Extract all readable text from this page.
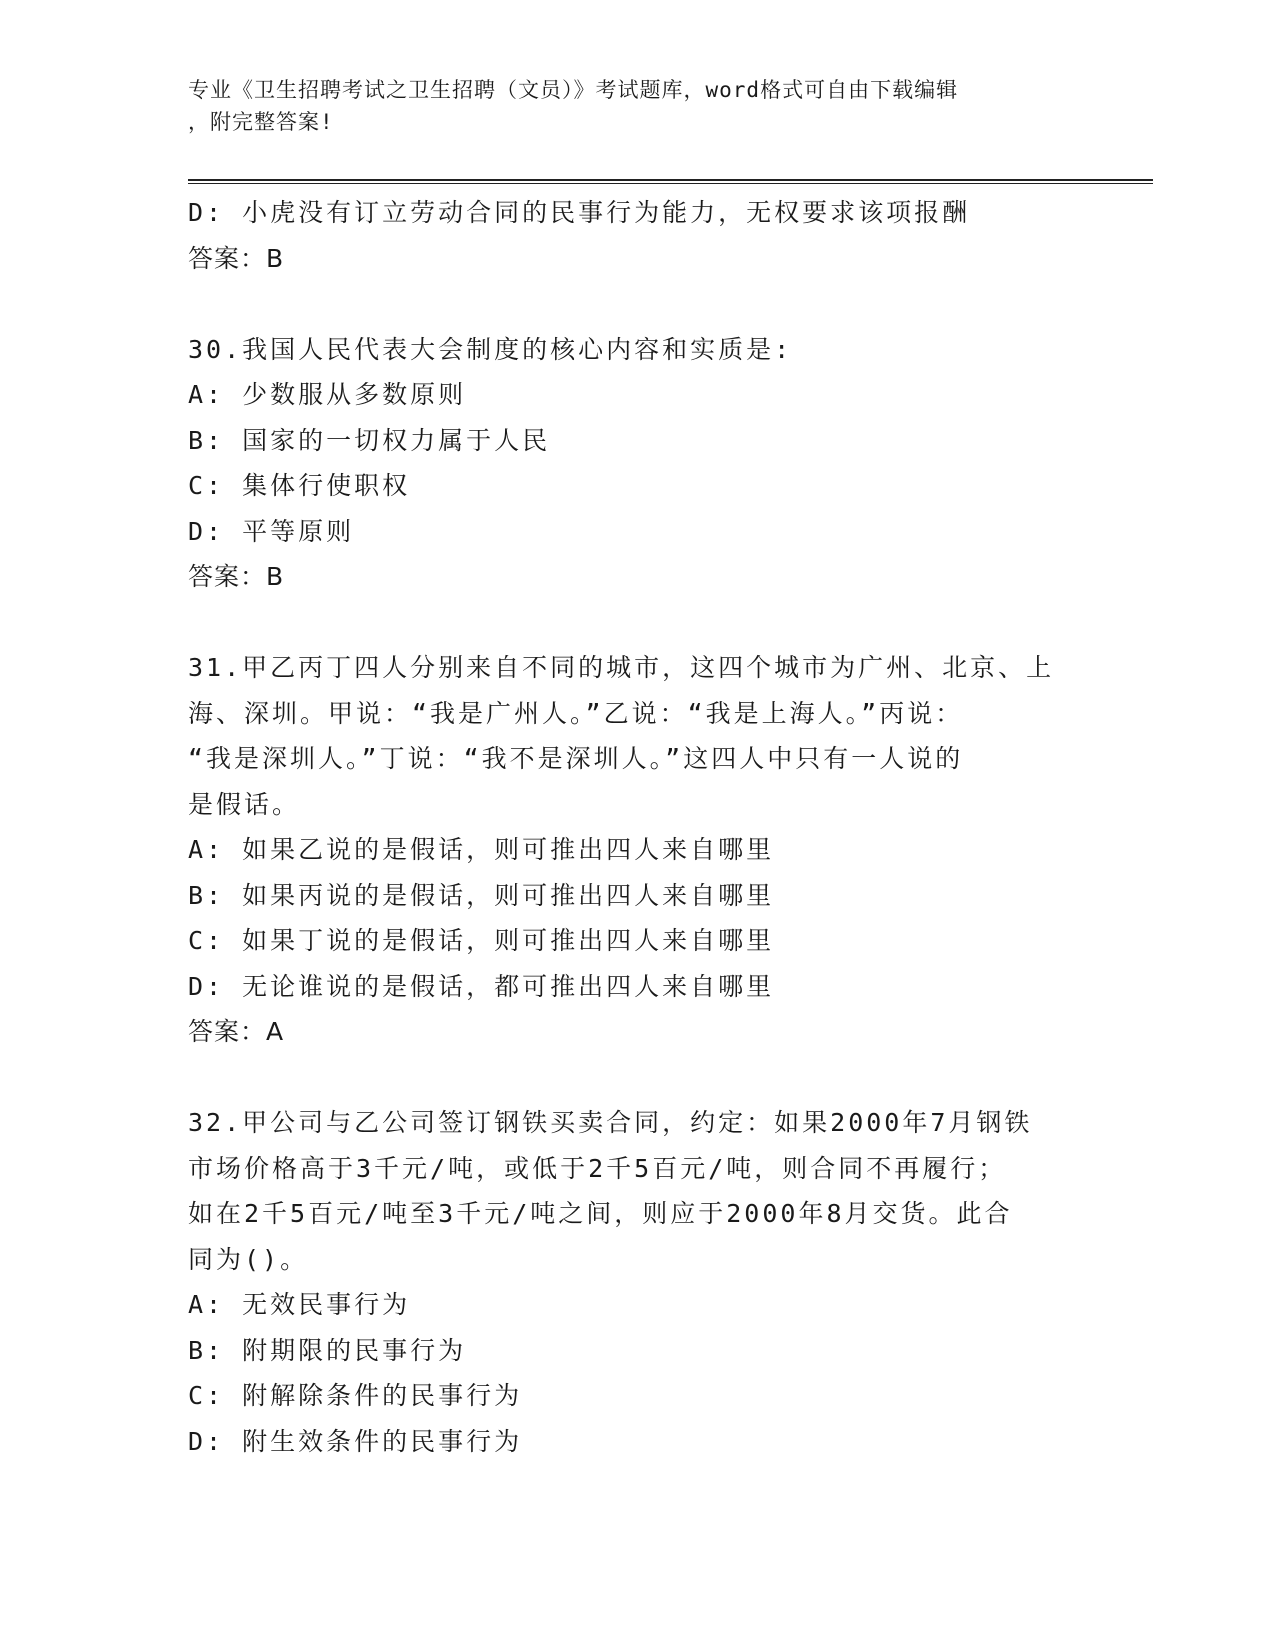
专业《卫生招聘考试之卫生招聘（文员）》考试题库，word格式可自由下载编辑
，附完整答案!
D: 小虎没有订立劳动合同的民事行为能力，无权要求该项报酬
答案：B
30.我国人民代表大会制度的核心内容和实质是:
A: 少数服从多数原则
B: 国家的一切权力属于人民
C: 集体行使职权
D: 平等原则
答案：B
31.甲乙丙丁四人分别来自不同的城市，这四个城市为广州、北京、上
海、深圳。甲说：“我是广州人。”乙说：“我是上海人。”丙说：
“我是深圳人。”丁说：“我不是深圳人。”这四人中只有一人说的
是假话。
A: 如果乙说的是假话，则可推出四人来自哪里
B: 如果丙说的是假话，则可推出四人来自哪里
C: 如果丁说的是假话，则可推出四人来自哪里
D: 无论谁说的是假话，都可推出四人来自哪里
答案：A
32.甲公司与乙公司签订钢铁买卖合同，约定：如果2000年7月钢铁
市场价格高于3千元/吨，或低于2千5百元/吨，则合同不再履行；
如在2千5百元/吨至3千元/吨之间，则应于2000年8月交货。此合
同为()。
A: 无效民事行为
B: 附期限的民事行为
C: 附解除条件的民事行为
D: 附生效条件的民事行为
